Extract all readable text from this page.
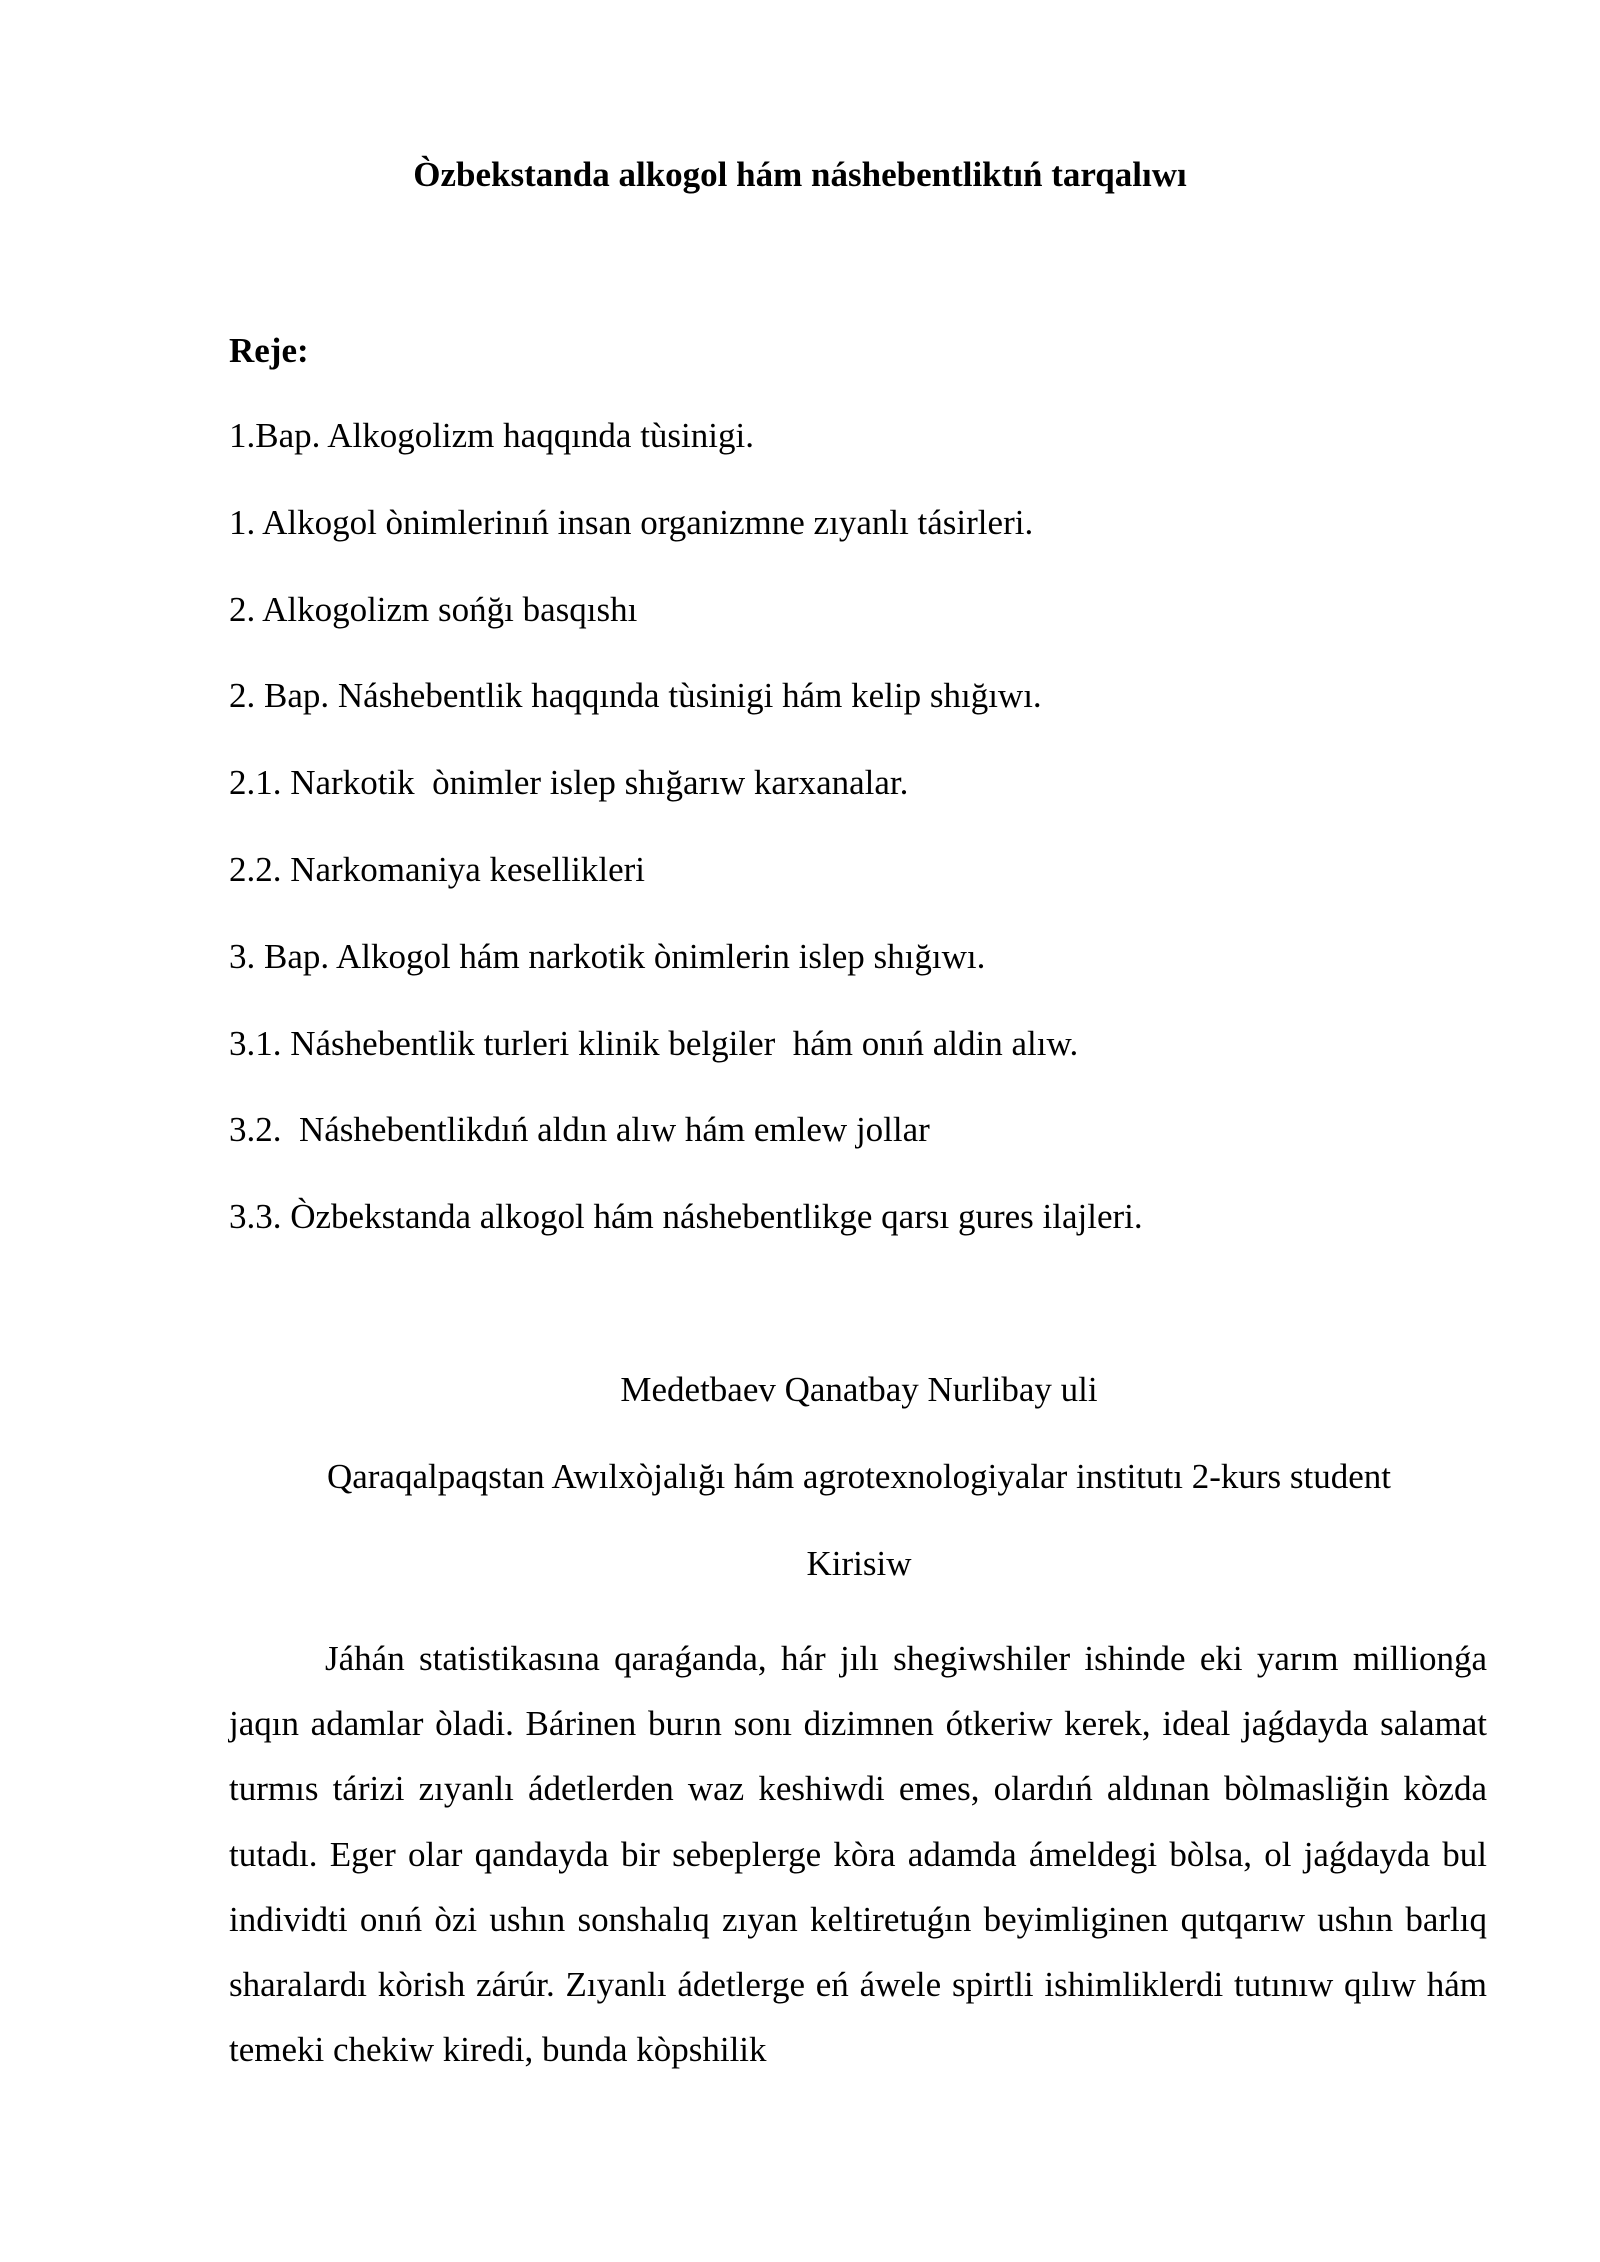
Òzbekstanda alkogol hám náshebentliktıń tarqalıwı

Reje:

1.Bap. Alkogolizm haqqında tùsinigi.
1. Alkogol ònimlerinıń insan organizmne zıyanlı tásirleri.
2. Alkogolizm sońğı basqıshı
2. Bap. Náshebentlik haqqında tùsinigi hám kelip shığıwı.
2.1. Narkotik  ònimler islep shığarıw karxanalar.
2.2. Narkomaniya kesellikleri
3. Bap. Alkogol hám narkotik ònimlerin islep shığıwı.
3.1. Náshebentlik turleri klinik belgiler  hám onıń aldin alıw.
3.2.  Náshebentlikdıń aldın alıw hám emlew jollar
3.3. Òzbekstanda alkogol hám náshebentlikge qarsı gures ilajleri.

Medetbaev Qanatbay Nurlibay uli

Qaraqalpaqstan Awılxòjalığı hám agrotexnologiyalar institutı 2-kurs student

Kirisiw

Jáhán statistikasına qaraǵanda, hár jılı shegiwshiler ishinde eki yarım millionǵa jaqın adamlar òladi. Bárinen burın sonı dizimnen ótkeriw kerek, ideal jaǵdayda salamat turmıs tárizi zıyanlı ádetlerden waz keshiwdi emes, olardıń aldınan bòlmasliğin kòzda tutadı. Eger olar qandayda bir sebeplerge kòra adamda ámeldegi bòlsa, ol jaǵdayda bul individti onıń òzi ushın sonshalıq zıyan keltiretuǵın beyimliginen qutqarıw ushın barlıq sharalardı kòrish zárúr. Zıyanlı ádetlerge eń áwele spirtli ishimliklerdi tutınıw qılıw hám temeki chekiw kiredi, bunda kòpshilik
